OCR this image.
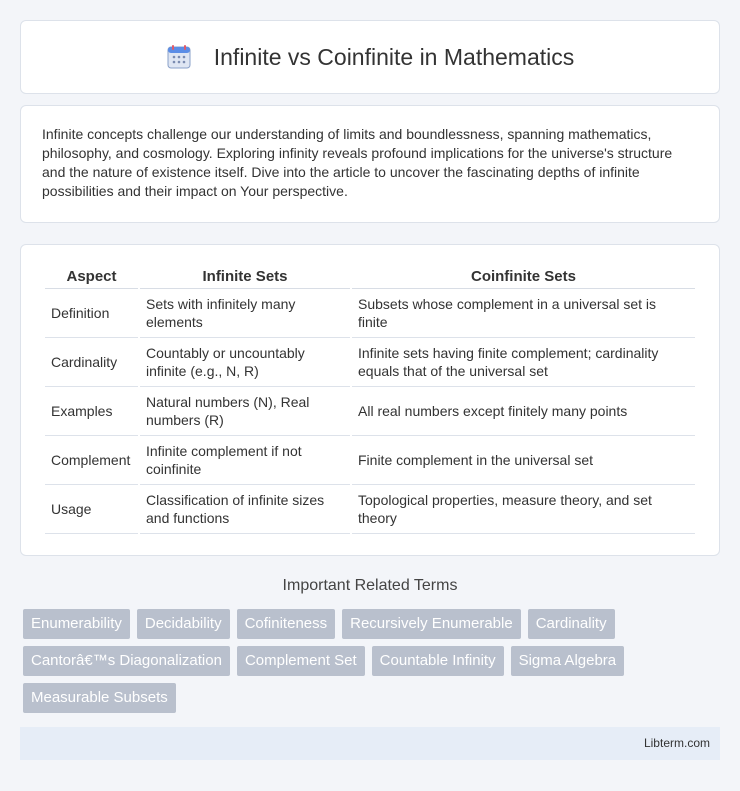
Infinite vs Coinfinite in Mathematics
Infinite concepts challenge our understanding of limits and boundlessness, spanning mathematics, philosophy, and cosmology. Exploring infinity reveals profound implications for the universe's structure and the nature of existence itself. Dive into the article to uncover the fascinating depths of infinite possibilities and their impact on Your perspective.
Aspect	Infinite Sets	Coinfinite Sets
Definition	Sets with infinitely many elements	Subsets whose complement in a universal set is finite
Cardinality	Countably or uncountably infinite (e.g., N, R)	Infinite sets having finite complement; cardinality equals that of the universal set
Examples	Natural numbers (N), Real numbers (R)	All real numbers except finitely many points
Complement	Infinite complement if not coinfinite	Finite complement in the universal set
Usage	Classification of infinite sizes and functions	Topological properties, measure theory, and set theory
Important Related Terms
Enumerability	Decidability	Cofiniteness	Recursively Enumerable	Cardinality
Cantorâ€™s Diagonalization	Complement Set	Countable Infinity	Sigma Algebra
Measurable Subsets
Libterm.com
